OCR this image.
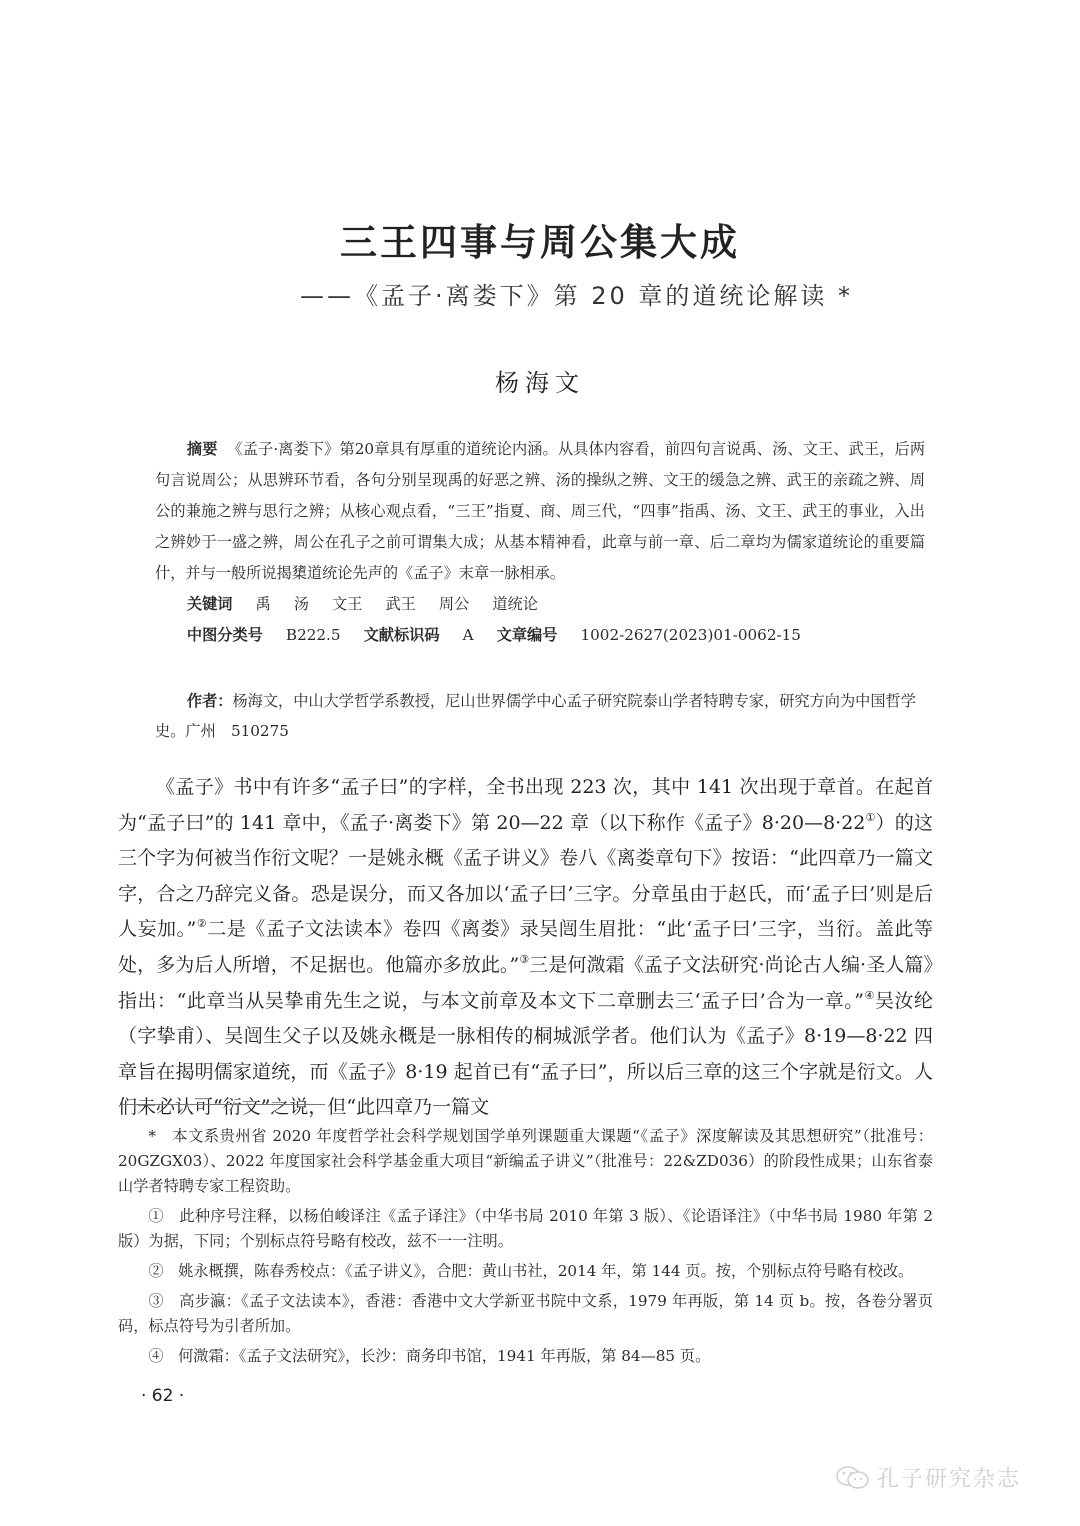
三王四事与周公集大成
——《孟子·离娄下》第 20 章的道统论解读 *
杨海文

摘要 《孟子·离娄下》第20章具有厚重的道统论内涵。从具体内容看，前四句言说禹、汤、文王、武王，后两句言说周公；从思辨环节看，各句分别呈现禹的好恶之辨、汤的操纵之辨、文王的缓急之辨、武王的亲疏之辨、周公的兼施之辨与思行之辨；从核心观点看，“三王”指夏、商、周三代，“四事”指禹、汤、文王、武王的事业，入出之辨妙于一盛之辨，周公在孔子之前可谓集大成；从基本精神看，此章与前一章、后二章均为儒家道统论的重要篇什，并与一般所说揭橥道统论先声的《孟子》末章一脉相承。

关键词 禹 汤 文王 武王 周公 道统论

中图分类号 B222.5 文献标识码 A 文章编号 1002-2627(2023)01-0062-15

作者：杨海文，中山大学哲学系教授，尼山世界儒学中心孟子研究院泰山学者特聘专家，研究方向为中国哲学史。广州　510275

《孟子》书中有许多“孟子曰”的字样，全书出现 223 次，其中 141 次出现于章首。在起首为“孟子曰”的 141 章中，《孟子·离娄下》第 20—22 章（以下称作《孟子》8·20—8·22①）的这三个字为何被当作衍文呢？一是姚永概《孟子讲义》卷八《离娄章句下》按语：“此四章乃一篇文字，合之乃辞完义备。恐是误分，而又各加以‘孟子曰’三字。分章虽由于赵氏，而‘孟子曰’则是后人妄加。”②二是《孟子文法读本》卷四《离娄》录吴闿生眉批：“此‘孟子曰’三字，当衍。盖此等处，多为后人所增，不足据也。他篇亦多放此。”③三是何溦霜《孟子文法研究·尚论古人编·圣人篇》指出：“此章当从吴挚甫先生之说，与本文前章及本文下二章删去三‘孟子曰’合为一章。”④吴汝纶（字挚甫）、吴闿生父子以及姚永概是一脉相传的桐城派学者。他们认为《孟子》8·19—8·22 四章旨在揭明儒家道统，而《孟子》8·19 起首已有“孟子曰”，所以后三章的这三个字就是衍文。人们未必认可“衍文”之说，但“此四章乃一篇文

* 本文系贵州省 2020 年度哲学社会科学规划国学单列课题重大课题“《孟子》深度解读及其思想研究”（批准号：20GZGX03）、2022 年度国家社会科学基金重大项目“新编孟子讲义”（批准号：22&ZD036）的阶段性成果；山东省泰山学者特聘专家工程资助。

① 此种序号注释，以杨伯峻译注《孟子译注》（中华书局 2010 年第 3 版）、《论语译注》（中华书局 1980 年第 2 版）为据，下同；个别标点符号略有校改，兹不一一注明。

② 姚永概撰，陈春秀校点：《孟子讲义》，合肥：黄山书社，2014 年，第 144 页。按，个别标点符号略有校改。

③ 高步瀛：《孟子文法读本》，香港：香港中文大学新亚书院中文系，1979 年再版，第 14 页 b。按，各卷分署页码，标点符号为引者所加。

④ 何溦霜：《孟子文法研究》，长沙：商务印书馆，1941 年再版，第 84—85 页。

· 62 ·
孔子研究杂志
